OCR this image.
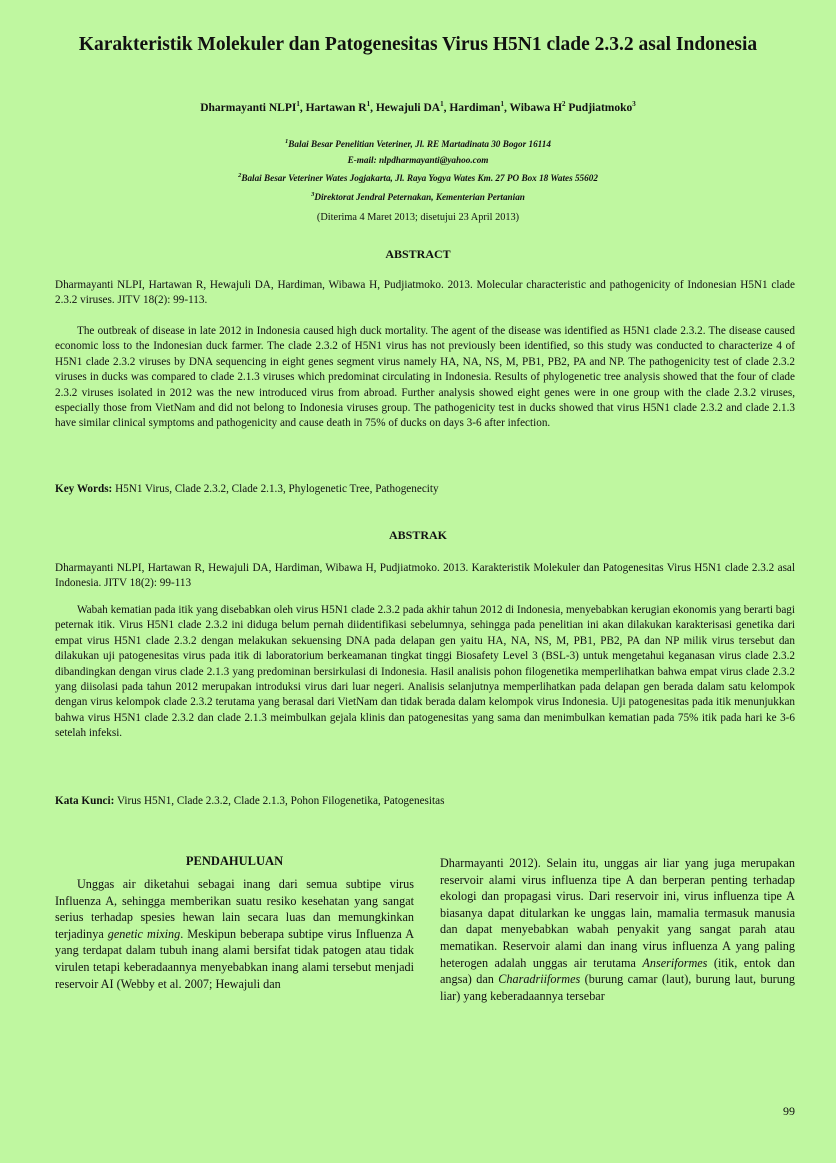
Karakteristik Molekuler dan Patogenesitas Virus H5N1 clade 2.3.2 asal Indonesia
Dharmayanti NLPI$^1$, Hartawan $R^1$, Hewajuli $DA^1$, Hardiman$^1$, Wibawa $H^2$ Pudjiatmoko$^3$
$^1$Balai Besar Penelitian Veteriner, Jl. RE Martadinata 30 Bogor 16114
E-mail: nlpdharmayanti@yahoo.com
$^2$Balai Besar Veteriner Wates Jogjakarta, Jl. Raya Yogya Wates Km. 27 PO Box 18 Wates 55602
$^3$Direktorat Jendral Peternakan, Kementerian Pertanian
(Diterima 4 Maret 2013; disetujui 23 April 2013)
ABSTRACT

Dharmayanti NLPI, Hartawan R, Hewajuli DA, Hardiman, Wibawa H, Pudjiatmoko. 2013. Molecular characteristic and pathogenicity of Indonesian H5N1 clade 2.3.2 viruses. JITV 18(2): 99-113.

The outbreak of disease in late 2012 in Indonesia caused high duck mortality. The agent of the disease was identified as H5N1 clade 2.3.2. The disease caused economic loss to the Indonesian duck farmer. The clade 2.3.2 of H5N1 virus has not previously been identified, so this study was conducted to characterize 4 of H5N1 clade 2.3.2 viruses by DNA sequencing in eight genes segment virus namely HA, NA, NS, M, PB1, PB2, PA and NP. The pathogenicity test of clade 2.3.2 viruses in ducks was compared to clade 2.1.3 viruses which predominat circulating in Indonesia. Results of phylogenetic tree analysis showed that the four of clade 2.3.2 viruses isolated in 2012 was the new introduced virus from abroad. Further analysis showed eight genes were in one group with the clade 2.3.2 viruses, especially those from VietNam and did not belong to Indonesia viruses group. The pathogenicity test in ducks showed that virus H5N1 clade 2.3.2 and clade 2.1.3 have similar clinical symptoms and pathogenicity and cause death in 75% of ducks on days 3-6 after infection.

Key Words: H5N1 Virus, Clade 2.3.2, Clade 2.1.3, Phylogenetic Tree, Pathogenecity

ABSTRAK

Dharmayanti NLPI, Hartawan R, Hewajuli DA, Hardiman, Wibawa H, Pudjiatmoko. 2013. Karakteristik Molekuler dan Patogenesitas Virus H5N1 clade 2.3.2 asal Indonesia. JITV 18(2): 99-113

Wabah kematian pada itik yang disebabkan oleh virus H5N1 clade 2.3.2 pada akhir tahun 2012 di Indonesia, menyebabkan kerugian ekonomis yang berarti bagi peternak itik. Virus H5N1 clade 2.3.2 ini diduga belum pernah diidentifikasi sebelumnya, sehingga pada penelitian ini akan dilakukan karakterisasi genetika dari empat virus H5N1 clade 2.3.2 dengan melakukan sekuensing DNA pada delapan gen yaitu HA, NA, NS, M, PB1, PB2, PA dan NP milik virus tersebut dan dilakukan uji patogenesitas virus pada itik di laboratorium berkeamanan tingkat tinggi Biosafety Level 3 (BSL-3) untuk mengetahui keganasan virus clade 2.3.2 dibandingkan dengan virus clade 2.1.3 yang predominan bersirkulasi di Indonesia. Hasil analisis pohon filogenetika memperlihatkan bahwa empat virus clade 2.3.2 yang diisolasi pada tahun 2012 merupakan introduksi virus dari luar negeri. Analisis selanjutnya memperlihatkan pada delapan gen berada dalam satu kelompok dengan virus kelompok clade 2.3.2 terutama yang berasal dari VietNam dan tidak berada dalam kelompok virus Indonesia. Uji patogenesitas pada itik menunjukkan bahwa virus H5N1 clade 2.3.2 dan clade 2.1.3 meimbulkan gejala klinis dan patogenesitas yang sama dan menimbulkan kematian pada 75% itik pada hari ke 3-6 setelah infeksi.

Kata Kunci: Virus H5N1, Clade 2.3.2, Clade 2.1.3, Pohon Filogenetika, Patogenesitas

PENDAHULUAN

Unggas air diketahui sebagai inang dari semua subtipe virus Influenza A, sehingga memberikan suatu resiko kesehatan yang sangat serius terhadap spesies hewan lain secara luas dan memungkinkan terjadinya genetic mixing. Meskipun beberapa subtipe virus Influenza A yang terdapat dalam tubuh inang alami bersifat tidak patogen atau tidak virulen tetapi keberadaannya menyebabkan inang alami tersebut menjadi reservoir AI (Webby et al. 2007; Hewajuli dan

Dharmayanti 2012). Selain itu, unggas air liar yang juga merupakan reservoir alami virus influenza tipe A dan berperan penting terhadap ekologi dan propagasi virus. Dari reservoir ini, virus influenza tipe A biasanya dapat ditularkan ke unggas lain, mamalia termasuk manusia dan dapat menyebabkan wabah penyakit yang sangat parah atau mematikan. Reservoir alami dan inang virus influenza A yang paling heterogen adalah unggas air terutama Anseriformes (itik, entok dan angsa) dan Charadriiformes (burung camar (laut), burung laut, burung liar) yang keberadaannya tersebar

99
